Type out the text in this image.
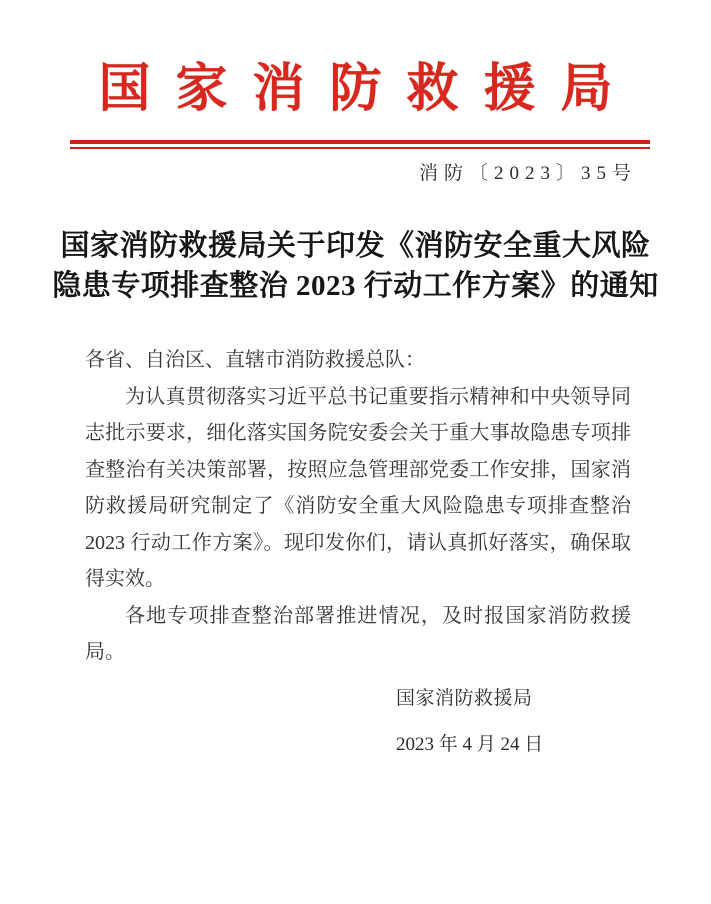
国家消防救援局
消防〔2023〕35号
国家消防救援局关于印发《消防安全重大风险
隐患专项排查整治 2023 行动工作方案》的通知

各省、自治区、直辖市消防救援总队：

为认真贯彻落实习近平总书记重要指示精神和中央领导同志批示要求，细化落实国务院安委会关于重大事故隐患专项排查整治有关决策部署，按照应急管理部党委工作安排，国家消防救援局研究制定了《消防安全重大风险隐患专项排查整治 2023 行动工作方案》。现印发你们，请认真抓好落实，确保取得实效。

各地专项排查整治部署推进情况，及时报国家消防救援局。

国家消防救援局
2023 年 4 月 24 日
